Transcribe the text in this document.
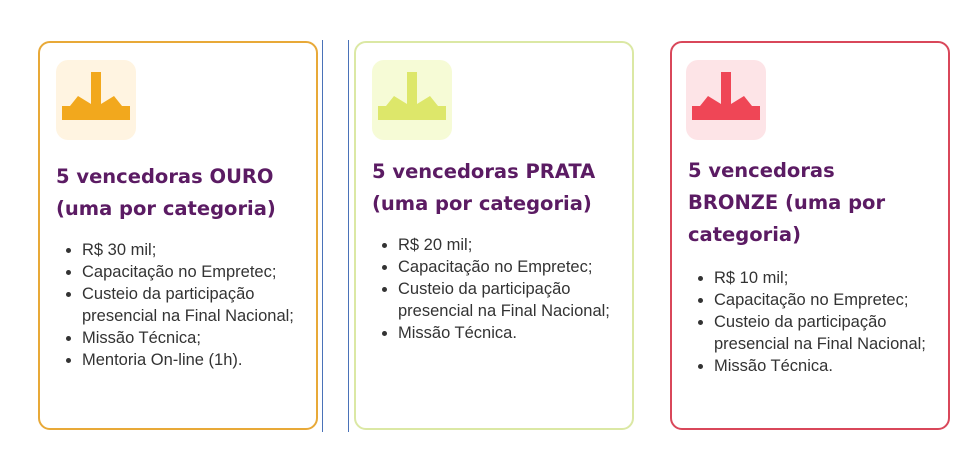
5 vencedoras OURO (uma por categoria)
• R$ 30 mil;
• Capacitação no Empretec;
• Custeio da participação presencial na Final Nacional;
• Missão Técnica;
• Mentoria On-line (1h).
5 vencedoras PRATA (uma por categoria)
• R$ 20 mil;
• Capacitação no Empretec;
• Custeio da participação presencial na Final Nacional;
• Missão Técnica.
5 vencedoras BRONZE (uma por categoria)
• R$ 10 mil;
• Capacitação no Empretec;
• Custeio da participação presencial na Final Nacional;
• Missão Técnica.
